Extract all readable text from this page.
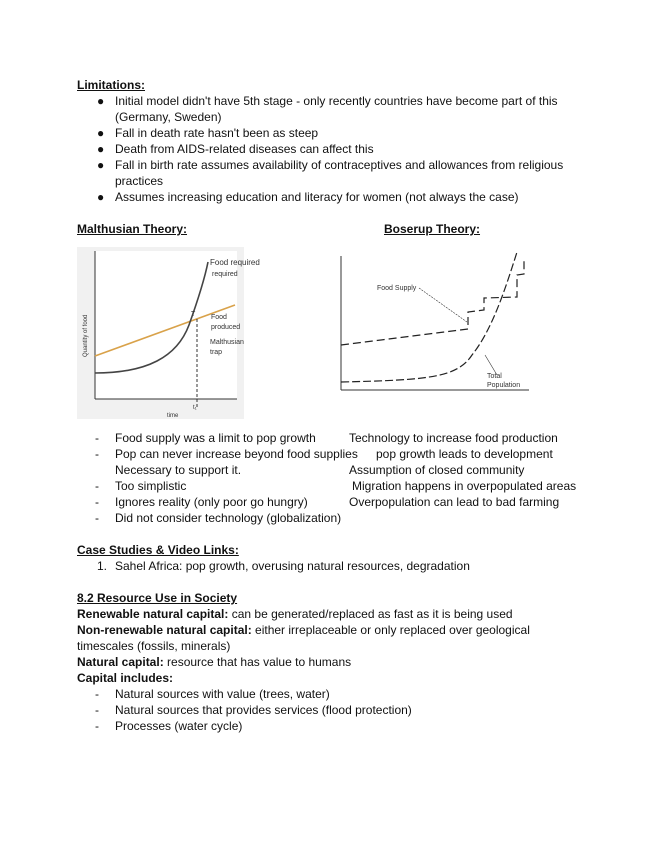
Limitations:
● Initial model didn't have 5th stage - only recently countries have become part of this
(Germany, Sweden)
● Fall in death rate hasn't been as steep
● Death from AIDS-related diseases can affect this
● Fall in birth rate assumes availability of contraceptives and allowances from religious
practices
● Assumes increasing education and literacy for women (not always the case)
Malthusian Theory:	Boserup Theory:
Food required
required
T Food
produced
Malthusian
trap
Quantity of food
t₁
time
Food Supply
Total
Population
- Food supply was a limit to pop growth
- Pop can never increase beyond food supplies
Necessary to support it.
- Too simplistic
- Ignores reality (only poor go hungry)
- Did not consider technology (globalization)
Technology to increase food production
pop growth leads to development
Assumption of closed community
Migration happens in overpopulated areas
Overpopulation can lead to bad farming
Case Studies & Video Links:
1. Sahel Africa: pop growth, overusing natural resources, degradation
8.2 Resource Use in Society
Renewable natural capital: can be generated/replaced as fast as it is being used
Non-renewable natural capital: either irreplaceable or only replaced over geological
timescales (fossils, minerals)
Natural capital: resource that has value to humans
Capital includes:
- Natural sources with value (trees, water)
- Natural sources that provides services (flood protection)
- Processes (water cycle)
